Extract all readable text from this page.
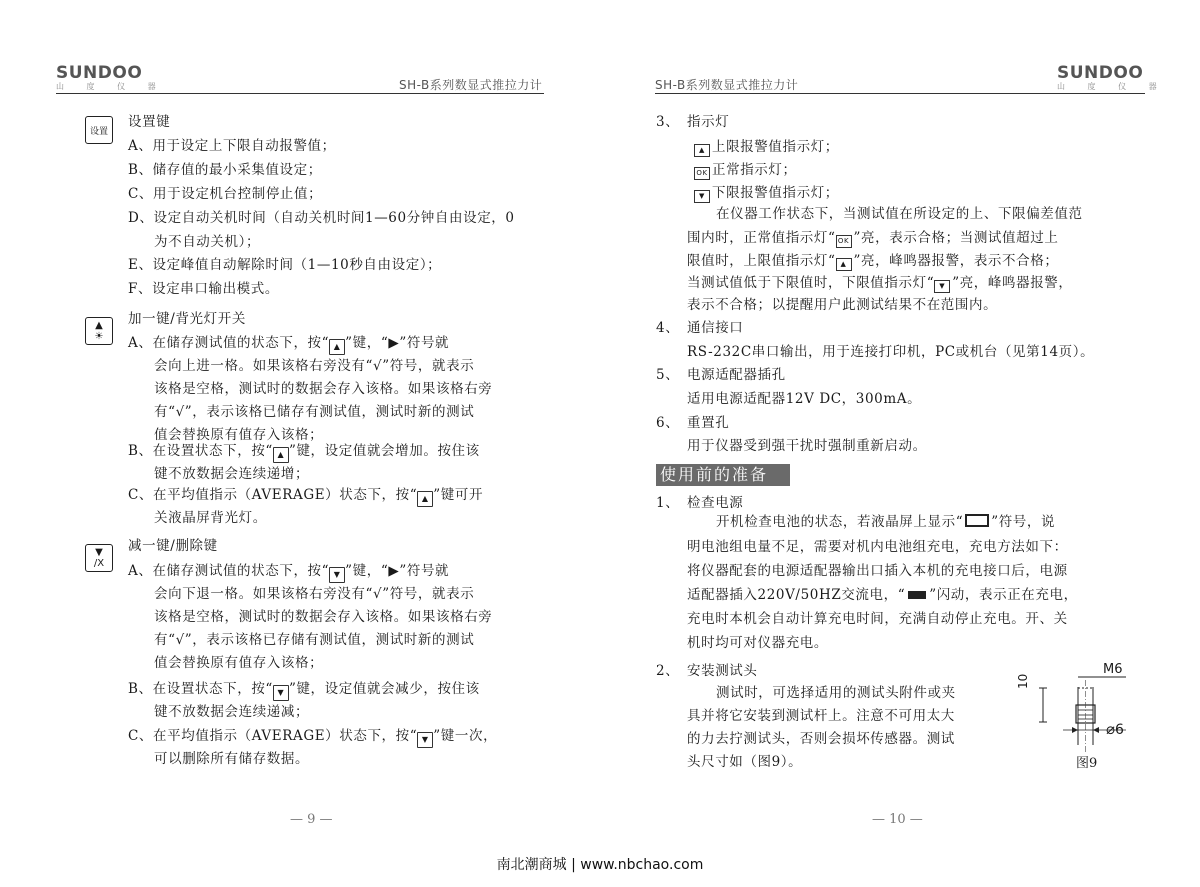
SUNDOO
山 度 仪 器	SH-B系列数显式推拉力计
设置
设置键
A、用于设定上下限自动报警值；
B、储存值的最小采集值设定；
C、用于设定机台控制停止值；
D、设定自动关机时间（自动关机时间1—60分钟自由设定，0
为不自动关机）；
E、设定峰值自动解除时间（1—10秒自由设定）；
F、设定串口输出模式。
▲
☀
加一键/背光灯开关
A、在储存测试值的状态下，按“ ▲ ”键，“▶”符号就
会向上进一格。如果该格右旁没有“√”符号，就表示
该格是空格，测试时的数据会存入该格。如果该格右旁
有“√”，表示该格已储存有测试值，测试时新的测试
值会替换原有值存入该格；
B、在设置状态下，按“ ▲ ”键，设定值就会增加。按住该
键不放数据会连续递增；
C、在平均值指示（AVERAGE）状态下，按“ ▲ ”键可开
关液晶屏背光灯。
▼
/X
减一键/删除键
A、在储存测试值的状态下，按“ ▼ ”键，“▶”符号就
会向下退一格。如果该格右旁没有“√”符号，就表示
该格是空格，测试时的数据会存入该格。如果该格右旁
有“√”，表示该格已存储有测试值，测试时新的测试
值会替换原有值存入该格；
B、在设置状态下，按“ ▼ ”键，设定值就会减少，按住该
键不放数据会连续递减；
C、在平均值指示（AVERAGE）状态下，按“ ▼ ”键一次，
可以删除所有储存数据。
— 9 —
SH-B系列数显式推拉力计
SUNDOO
山 度 仪 器
3、 指示灯
▲ 上限报警值指示灯；
OK 正常指示灯；
▼ 下限报警值指示灯；
在仪器工作状态下，当测试值在所设定的上、下限偏差值范
围内时，正常值指示灯“ OK ”亮，表示合格；当测试值超过上
限值时，上限值指示灯“ ▲ ”亮，峰鸣器报警，表示不合格；
当测试值低于下限值时，下限值指示灯“ ▼ ”亮，峰鸣器报警，
表示不合格；以提醒用户此测试结果不在范围内。
4、 通信接口
RS-232C串口输出，用于连接打印机，PC或机台（见第14页）。
5、 电源适配器插孔
适用电源适配器12V DC，300mA。
6、 重置孔
用于仪器受到强干扰时强制重新启动。
使用前的准备
1、 检查电源
开机检查电池的状态，若液晶屏上显示“ ”符号，说
明电池组电量不足，需要对机内电池组充电，充电方法如下：
将仪器配套的电源适配器输出口插入本机的充电接口后，电源
适配器插入220V/50HZ交流电，“ ”闪动，表示正在充电，
充电时本机会自动计算充电时间，充满自动停止充电。开、关
机时均可对仪器充电。
2、 安装测试头
测试时，可选择适用的测试头附件或夹
具并将它安装到测试杆上。注意不可用太大
的力去拧测试头，否则会损坏传感器。测试
头尺寸如（图9）。
10
M6
⌀6
图9
— 10 —
南北潮商城 | www.nbchao.com
